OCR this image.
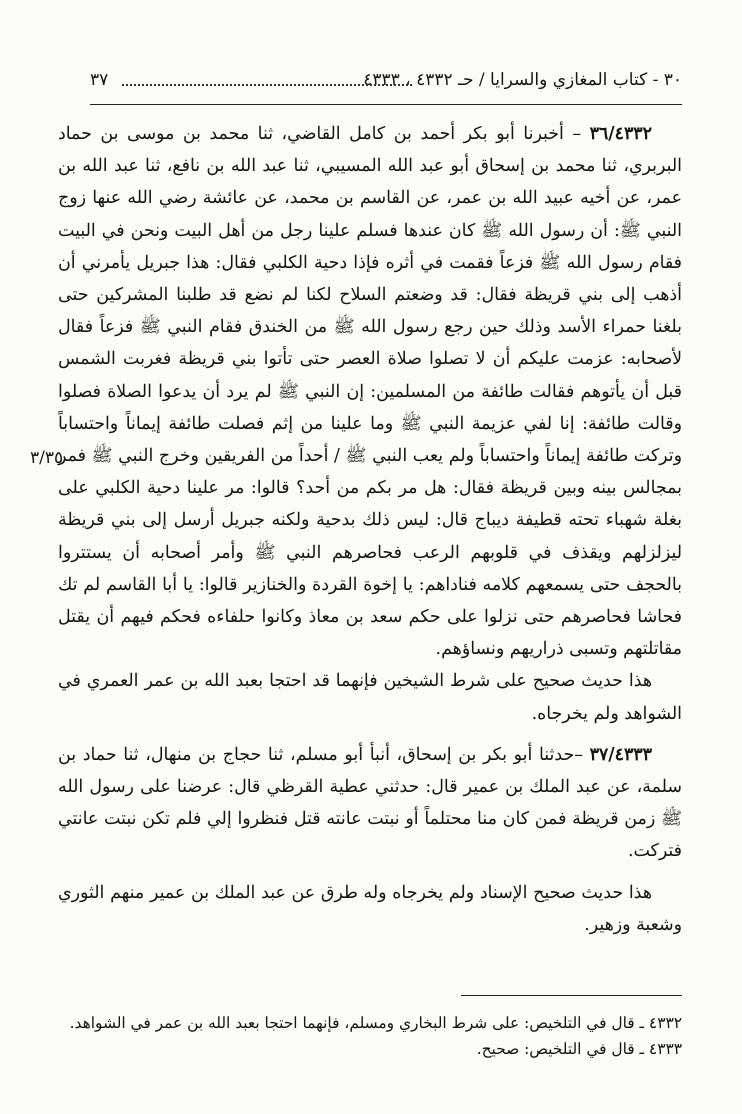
٣٠ - كتاب المغازي والسرايا / حـ ٤٣٣٢ ، ٤٣٣٣
٣٧
٣/٣٥

٣٦/٤٣٣٢ – أخبرنا أبو بكر أحمد بن كامل القاضي، ثنا محمد بن موسى بن حماد البربري، ثنا محمد بن إسحاق أبو عبد الله المسيبي، ثنا عبد الله بن نافع، ثنا عبد الله بن عمر، عن أخيه عبيد الله بن عمر، عن القاسم بن محمد، عن عائشة رضي الله عنها زوج النبي ﷺ: أن رسول الله ﷺ كان عندها فسلم علينا رجل من أهل البيت ونحن في البيت فقام رسول الله ﷺ فزعاً فقمت في أثره فإذا دحية الكلبي فقال: هذا جبريل يأمرني أن أذهب إلى بني قريظة فقال: قد وضعتم السلاح لكنا لم نضع قد طلبنا المشركين حتى بلغنا حمراء الأسد وذلك حين رجع رسول الله ﷺ من الخندق فقام النبي ﷺ فزعاً فقال لأصحابه: عزمت عليكم أن لا تصلوا صلاة العصر حتى تأتوا بني قريظة فغربت الشمس قبل أن يأتوهم فقالت طائفة من المسلمين: إن النبي ﷺ لم يرد أن يدعوا الصلاة فصلوا وقالت طائفة: إنا لفي عزيمة النبي ﷺ وما علينا من إثم فصلت طائفة إيماناً واحتساباً وتركت طائفة إيماناً واحتساباً ولم يعب النبي ﷺ / أحداً من الفريقين وخرج النبي ﷺ فمر بمجالس بينه وبين قريظة فقال: هل مر بكم من أحد؟ قالوا: مر علينا دحية الكلبي على بغلة شهباء تحته قطيفة ديباج قال: ليس ذلك بدحية ولكنه جبريل أرسل إلى بني قريظة ليزلزلهم ويقذف في قلوبهم الرعب فحاصرهم النبي ﷺ وأمر أصحابه أن يستتروا بالحجف حتى يسمعهم كلامه فناداهم: يا إخوة القردة والخنازير قالوا: يا أبا القاسم لم تك فحاشا فحاصرهم حتى نزلوا على حكم سعد بن معاذ وكانوا حلفاءه فحكم فيهم أن يقتل مقاتلتهم وتسبى ذراريهم ونساؤهم.

هذا حديث صحيح على شرط الشيخين فإنهما قد احتجا بعبد الله بن عمر العمري في الشواهد ولم يخرجاه.

٣٧/٤٣٣٣ –حدثنا أبو بكر بن إسحاق، أنبأ أبو مسلم، ثنا حجاج بن منهال، ثنا حماد بن سلمة، عن عبد الملك بن عمير قال: حدثني عطية القرظي قال: عرضنا على رسول الله ﷺ زمن قريظة فمن كان منا محتلماً أو نبتت عانته قتل فنظروا إلي فلم تكن نبتت عانتي فتركت.

هذا حديث صحيح الإسناد ولم يخرجاه وله طرق عن عبد الملك بن عمير منهم الثوري وشعبة وزهير.

٤٣٣٢ ـ قال في التلخيص: على شرط البخاري ومسلم، فإنهما احتجا بعبد الله بن عمر في الشواهد.

٤٣٣٣ ـ قال في التلخيص: صحيح.
